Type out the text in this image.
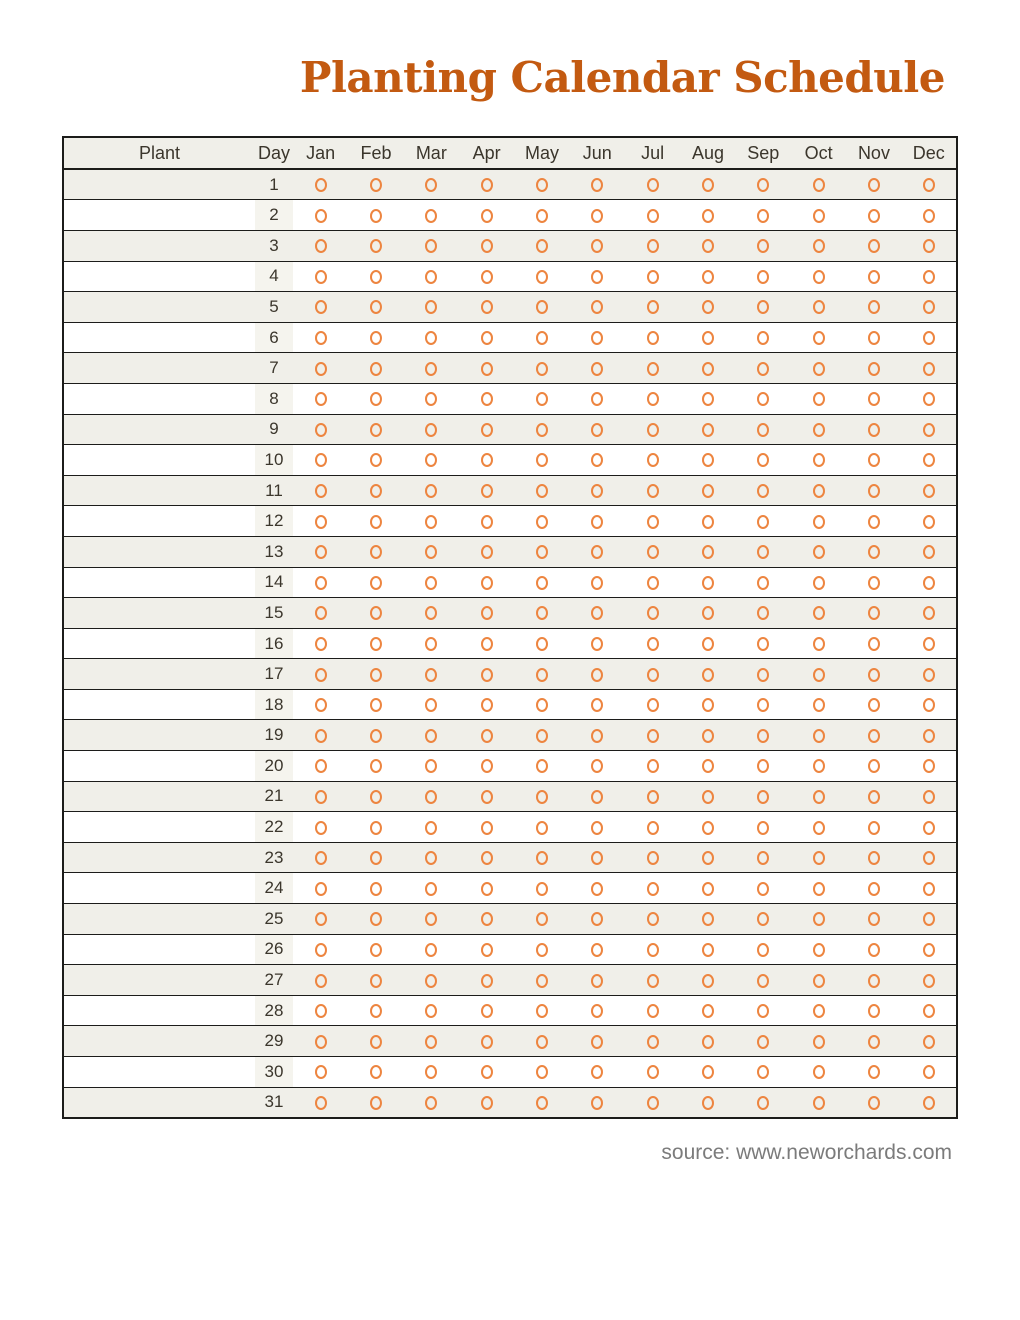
Planting Calendar Schedule
Plant	Day	Jan	Feb	Mar	Apr	May	Jun	Jul	Aug	Sep	Oct	Nov	Dec
	1												
	2												
	3												
	4												
	5												
	6												
	7												
	8												
	9												
	10												
	11												
	12												
	13												
	14												
	15												
	16												
	17												
	18												
	19												
	20												
	21												
	22												
	23												
	24												
	25												
	26												
	27												
	28												
	29												
	30												
	31												
source: www.neworchards.com
